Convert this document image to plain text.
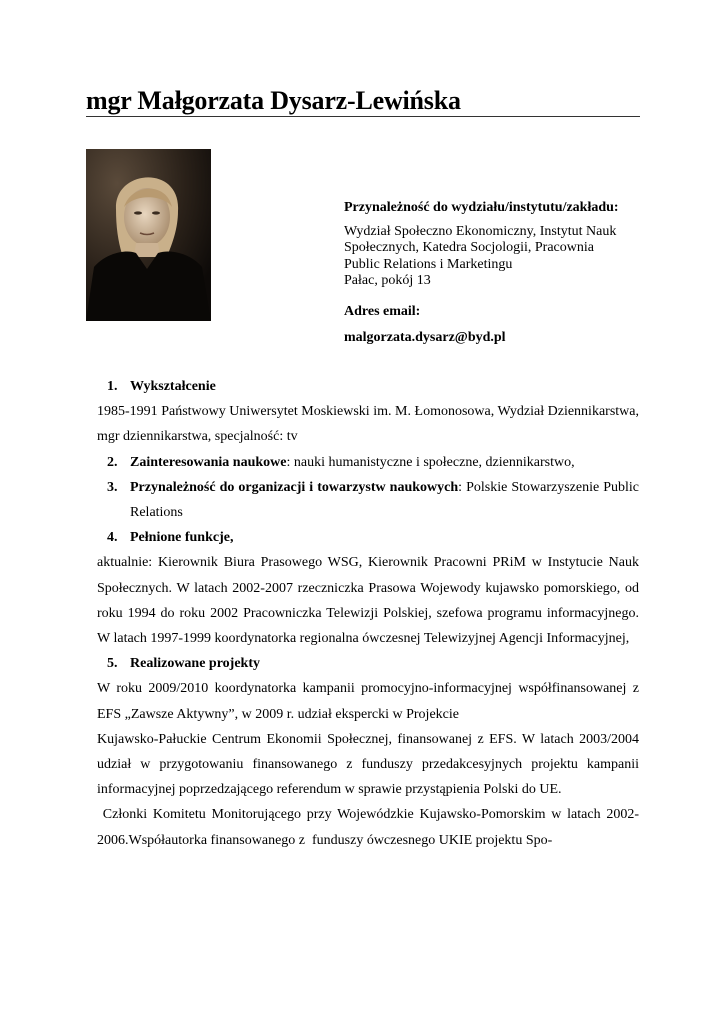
mgr Małgorzata Dysarz-Lewińska
Przynależność do wydziału/instytutu/zakładu:
Wydział Społeczno Ekonomiczny, Instytut Nauk
Społecznych, Katedra Socjologii, Pracownia
Public Relations i Marketingu
Pałac, pokój 13
Adres email:
malgorzata.dysarz@byd.pl
1. Wykształcenie

1985-1991 Państwowy Uniwersytet Moskiewski im. M. Łomonosowa, Wydział Dziennikarstwa, mgr dziennikarstwa, specjalność: tv

2. Zainteresowania naukowe: nauki humanistyczne i społeczne, dziennikarstwo,
3. Przynależność do organizacji i towarzystw naukowych: Polskie Stowarzyszenie Public Relations
4. Pełnione funkcje,

aktualnie: Kierownik Biura Prasowego WSG, Kierownik Pracowni PRiM w Instytucie Nauk Społecznych. W latach 2002-2007 rzeczniczka Prasowa Wojewody kujawsko pomorskiego, od roku 1994 do roku 2002 Pracowniczka Telewizji Polskiej, szefowa programu informacyjnego. W latach 1997-1999 koordynatorka regionalna ówczesnej Telewizyjnej Agencji Informacyjnej,

5. Realizowane projekty

W roku 2009/2010 koordynatorka kampanii promocyjno-informacyjnej współfinansowanej z EFS „Zawsze Aktywny”, w 2009 r. udział ekspercki w Projekcie

Kujawsko-Pałuckie Centrum Ekonomii Społecznej, finansowanej z EFS. W latach 2003/2004 udział w przygotowaniu finansowanego z funduszy przedakcesyjnych projektu kampanii informacyjnej poprzedzającego referendum w sprawie przystąpienia Polski do UE.

Członki Komitetu Monitorującego przy Wojewódzkie Kujawsko-Pomorskim w latach 2002-2006.Współautorka finansowanego z  funduszy ówczesnego UKIE projektu Spo-
